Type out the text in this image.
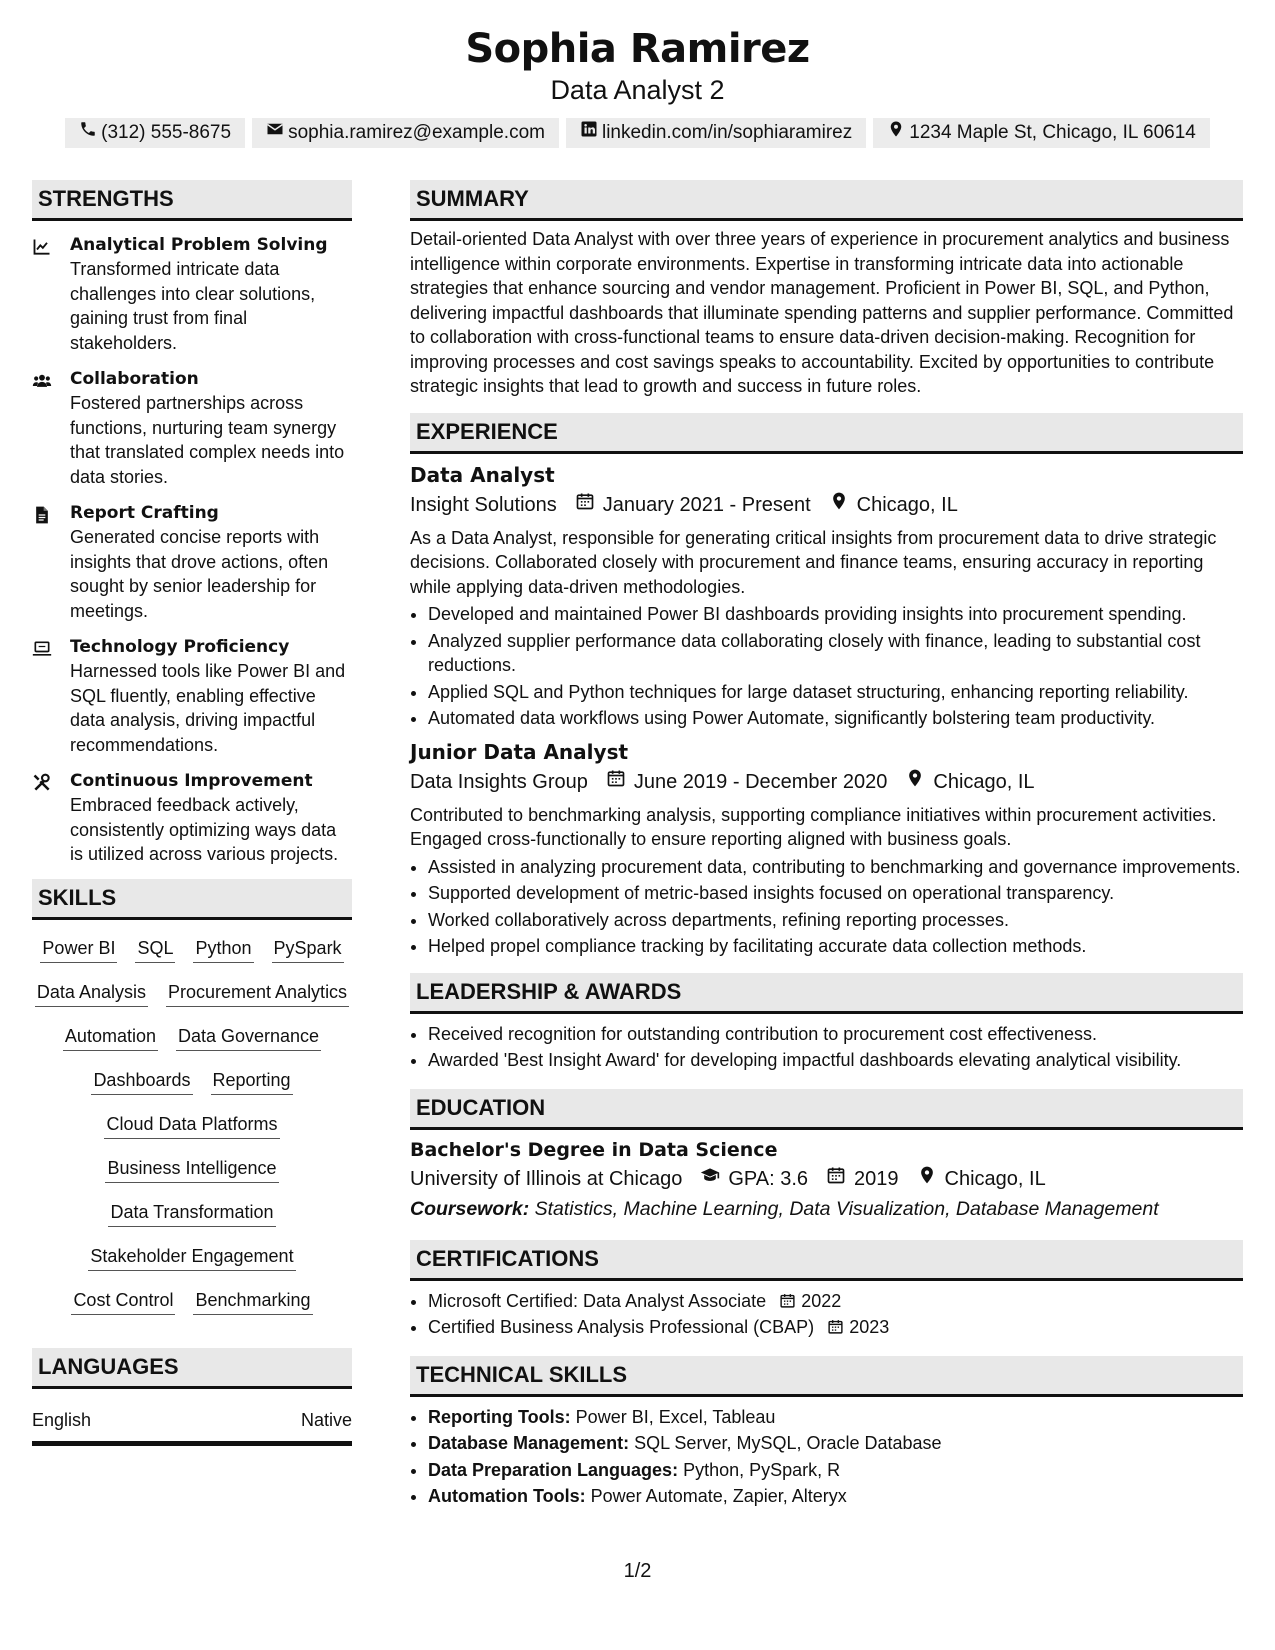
Sophia Ramirez
Data Analyst 2
(312) 555-8675	sophia.ramirez@example.com	linkedin.com/in/sophiaramirez	1234 Maple St, Chicago, IL 60614
STRENGTHS
Analytical Problem Solving
Transformed intricate data challenges into clear solutions, gaining trust from final stakeholders.
Collaboration
Fostered partnerships across functions, nurturing team synergy that translated complex needs into data stories.
Report Crafting
Generated concise reports with insights that drove actions, often sought by senior leadership for meetings.
Technology Proficiency
Harnessed tools like Power BI and SQL fluently, enabling effective data analysis, driving impactful recommendations.
Continuous Improvement
Embraced feedback actively, consistently optimizing ways data is utilized across various projects.
SKILLS
Power BI SQL Python PySpark
Data Analysis Procurement Analytics
Automation Data Governance
Dashboards Reporting
Cloud Data Platforms
Business Intelligence
Data Transformation
Stakeholder Engagement
Cost Control Benchmarking
LANGUAGES
English	Native
SUMMARY
Detail-oriented Data Analyst with over three years of experience in procurement analytics and business intelligence within corporate environments. Expertise in transforming intricate data into actionable strategies that enhance sourcing and vendor management. Proficient in Power BI, SQL, and Python, delivering impactful dashboards that illuminate spending patterns and supplier performance. Committed to collaboration with cross-functional teams to ensure data-driven decision-making. Recognition for improving processes and cost savings speaks to accountability. Excited by opportunities to contribute strategic insights that lead to growth and success in future roles.
EXPERIENCE
Data Analyst
Insight Solutions January 2021 - Present Chicago, IL
As a Data Analyst, responsible for generating critical insights from procurement data to drive strategic decisions. Collaborated closely with procurement and finance teams, ensuring accuracy in reporting while applying data-driven methodologies.
• Developed and maintained Power BI dashboards providing insights into procurement spending.
• Analyzed supplier performance data collaborating closely with finance, leading to substantial cost reductions.
• Applied SQL and Python techniques for large dataset structuring, enhancing reporting reliability.
• Automated data workflows using Power Automate, significantly bolstering team productivity.
Junior Data Analyst
Data Insights Group June 2019 - December 2020 Chicago, IL
Contributed to benchmarking analysis, supporting compliance initiatives within procurement activities. Engaged cross-functionally to ensure reporting aligned with business goals.
• Assisted in analyzing procurement data, contributing to benchmarking and governance improvements.
• Supported development of metric-based insights focused on operational transparency.
• Worked collaboratively across departments, refining reporting processes.
• Helped propel compliance tracking by facilitating accurate data collection methods.
LEADERSHIP & AWARDS
• Received recognition for outstanding contribution to procurement cost effectiveness.
• Awarded 'Best Insight Award' for developing impactful dashboards elevating analytical visibility.
EDUCATION
Bachelor's Degree in Data Science
University of Illinois at Chicago GPA: 3.6 2019 Chicago, IL
Coursework: Statistics, Machine Learning, Data Visualization, Database Management
CERTIFICATIONS
• Microsoft Certified: Data Analyst Associate 2022
• Certified Business Analysis Professional (CBAP) 2023
TECHNICAL SKILLS
• Reporting Tools: Power BI, Excel, Tableau
• Database Management: SQL Server, MySQL, Oracle Database
• Data Preparation Languages: Python, PySpark, R
• Automation Tools: Power Automate, Zapier, Alteryx
1/2
